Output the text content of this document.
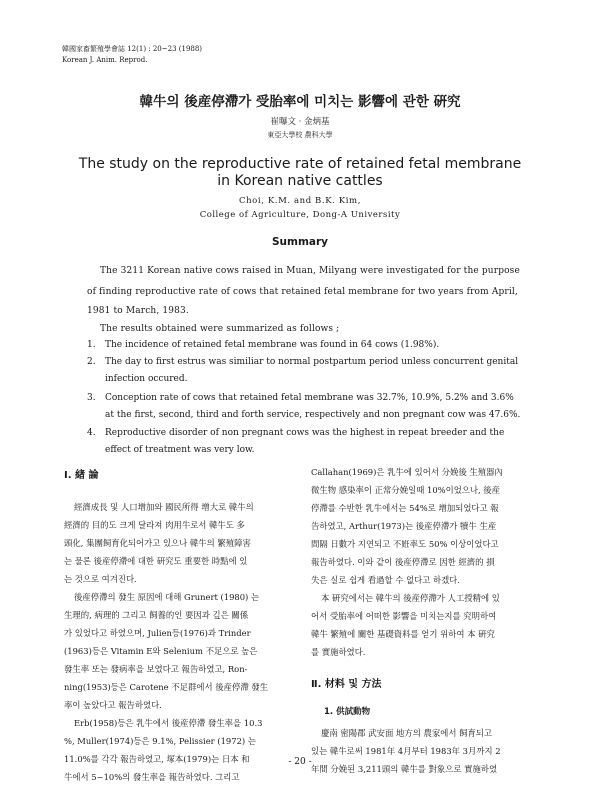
韓國家畜繁殖學會誌 12(1) : 20~23 (1988)
Korean J. Anim. Reprod.
韓牛의 後産停滯가 受胎率에 미치는 影響에 관한 硏究
崔曝文 · 金炳基
東亞大學校 農科大學
The study on the reproductive rate of retained fetal membrane
in Korean native cattles
Choi, K.M. and B.K. Kim,
College of Agriculture, Dong-A University
Summary
The 3211 Korean native cows raised in Muan, Milyang were investigated for the purpose
of finding reproductive rate of cows that retained fetal membrane for two years from April,
1981 to March, 1983.
The results obtained were summarized as follows ;
1. The incidence of retained fetal membrane was found in 64 cows (1.98%).
2. The day to first estrus was similiar to normal postpartum period unless concurrent genital
infection occured.
3. Conception rate of cows that retained fetal membrane was 32.7%, 10.9%, 5.2% and 3.6%
at the first, second, third and forth service, respectively and non pregnant cow was 47.6%.
4. Reproductive disorder of non pregnant cows was the highest in repeat breeder and the
effect of treatment was very low.
Ⅰ. 緖 論
經濟成長 및 人口增加와 國民所得 增大로 韓牛의
經濟的 目的도 크게 달라져 肉用牛로서 韓牛도 多
頭化, 集團飼育化되어가고 있으나 韓牛의 繁殖障害
는 물론 後産停滯에 대한 硏究도 重要한 時點에 있
는 것으로 여겨진다.
後産停滯의 發生 原因에 대해 Grunert (1980) 는
生理的, 病理的 그리고 飼養的인 要因과 깊은 關係
가 있었다고 하였으며, Julien등(1976)과 Trinder
(1963)등은 Vitamin E와 Selenium 不足으로 높은
發生率 또는 發病率을 보였다고 報告하였고, Ron-
ning(1953)등은 Carotene 不足群에서 後産停滯 發生
率이 높았다고 報告하였다.
Erb(1958)등은 乳牛에서 後産停滯 發生率을 10.3
%, Muller(1974)등은 9.1%, Pelissier (1972) 는
11.0%를 각각 報告하였고, 塚本(1979)는 日本 和
牛에서 5~10%의 發生率을 報告하였다. 그리고
Callahan(1969)은 乳牛에 있어서 分娩後 生殖器內
微生物 感染率이 正常分娩일때 10%이었으나, 後産
停滯를 수반한 乳牛에서는 54%로 增加되었다고 報
告하였고, Arthur(1973)는 後産停滯가 犢牛 生産
間隔 日數가 지연되고 不姙率도 50% 이상이었다고
報告하였다. 이와 같이 後産停滯로 因한 經濟的 損
失은 실로 쉽게 看過할 수 없다고 하겠다.
本 硏究에서는 韓牛의 後産停滯가 人工授精에 있
어서 受胎率에 어떠한 影響을 미치는지를 究明하여
韓牛 繁殖에 關한 基礎資料를 얻기 위하여 本 硏究
를 實施하였다.
Ⅱ. 材料 및 方法
1. 供試動物
慶南 密陽郡 武安面 地方의 農家에서 飼育되고
있는 韓牛로써 1981年 4月부터 1983年 3月까지 2
年間 分娩된 3,211頭의 韓牛를 對象으로 實施하였
- 20 -
